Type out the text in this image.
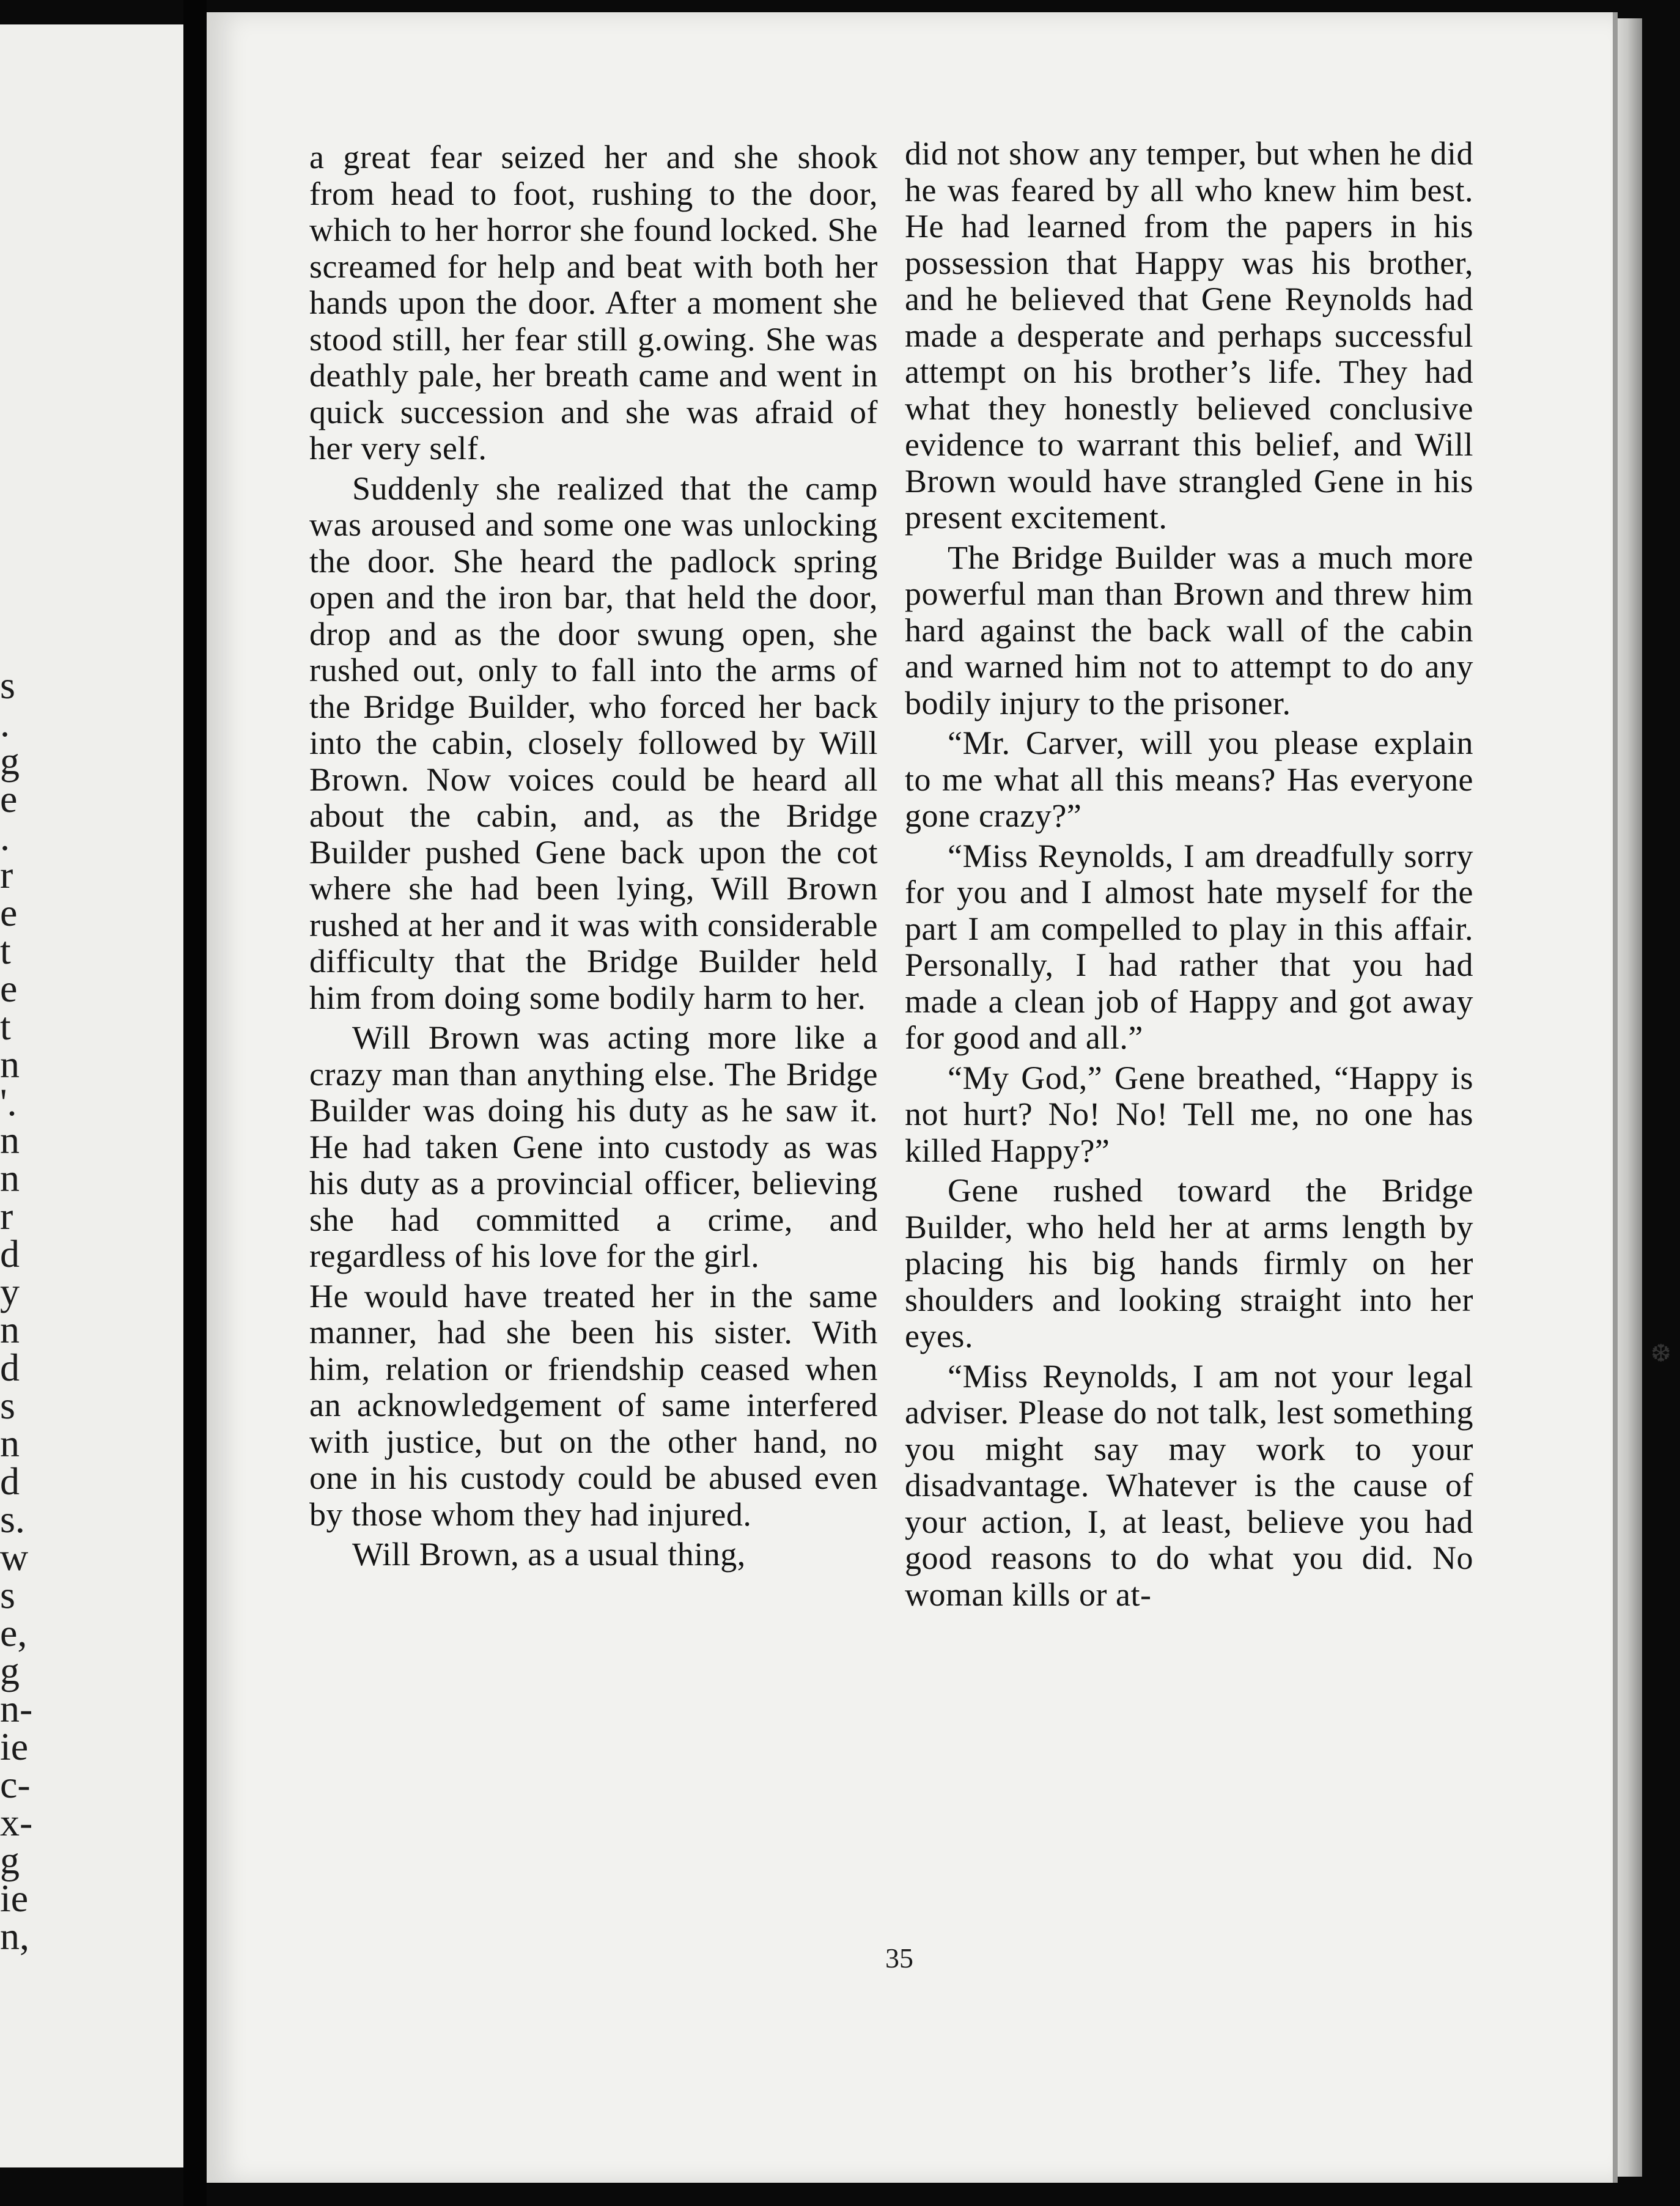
s
.
g
e
.
r
e
t
e
t
n
'.
n
n
r
d
y
n
d
s
n
d
s.
w
s
e,
g
n-
ie
c-
x-
g
ie
n,

a great fear seized her and she shook from head to foot, rushing to the door, which to her horror she found locked. She screamed for help and beat with both her hands upon the door. After a moment she stood still, her fear still g.owing. She was deathly pale, her breath came and went in quick succession and she was afraid of her very self.

Suddenly she realized that the camp was aroused and some one was unlocking the door. She heard the padlock spring open and the iron bar, that held the door, drop and as the door swung open, she rushed out, only to fall into the arms of the Bridge Builder, who forced her back into the cabin, closely followed by Will Brown. Now voices could be heard all about the cabin, and, as the Bridge Builder pushed Gene back upon the cot where she had been lying, Will Brown rushed at her and it was with considerable difficulty that the Bridge Builder held him from doing some bodily harm to her.

Will Brown was acting more like a crazy man than anything else. The Bridge Builder was doing his duty as he saw it. He had taken Gene into custody as was his duty as a provincial officer, believing she had committed a crime, and regardless of his love for the girl.

He would have treated her in the same manner, had she been his sister. With him, relation or friendship ceased when an acknowledgement of same interfered with justice, but on the other hand, no one in his custody could be abused even by those whom they had injured.

Will Brown, as a usual thing,

did not show any temper, but when he did he was feared by all who knew him best. He had learned from the papers in his possession that Happy was his brother, and he believed that Gene Reynolds had made a desperate and perhaps successful attempt on his brother’s life. They had what they honestly believed conclusive evidence to warrant this belief, and Will Brown would have strangled Gene in his present excitement.

The Bridge Builder was a much more powerful man than Brown and threw him hard against the back wall of the cabin and warned him not to attempt to do any bodily injury to the prisoner.

“Mr. Carver, will you please explain to me what all this means? Has everyone gone crazy?”

“Miss Reynolds, I am dreadfully sorry for you and I almost hate myself for the part I am compelled to play in this affair. Personally, I had rather that you had made a clean job of Happy and got away for good and all.”

“My God,” Gene breathed, “Happy is not hurt? No! No! Tell me, no one has killed Happy?”

Gene rushed toward the Bridge Builder, who held her at arms length by placing his big hands firmly on her shoulders and looking straight into her eyes.

“Miss Reynolds, I am not your legal adviser. Please do not talk, lest something you might say may work to your disadvantage. Whatever is the cause of your action, I, at least, believe you had good reasons to do what you did. No woman kills or at-

35
❆
